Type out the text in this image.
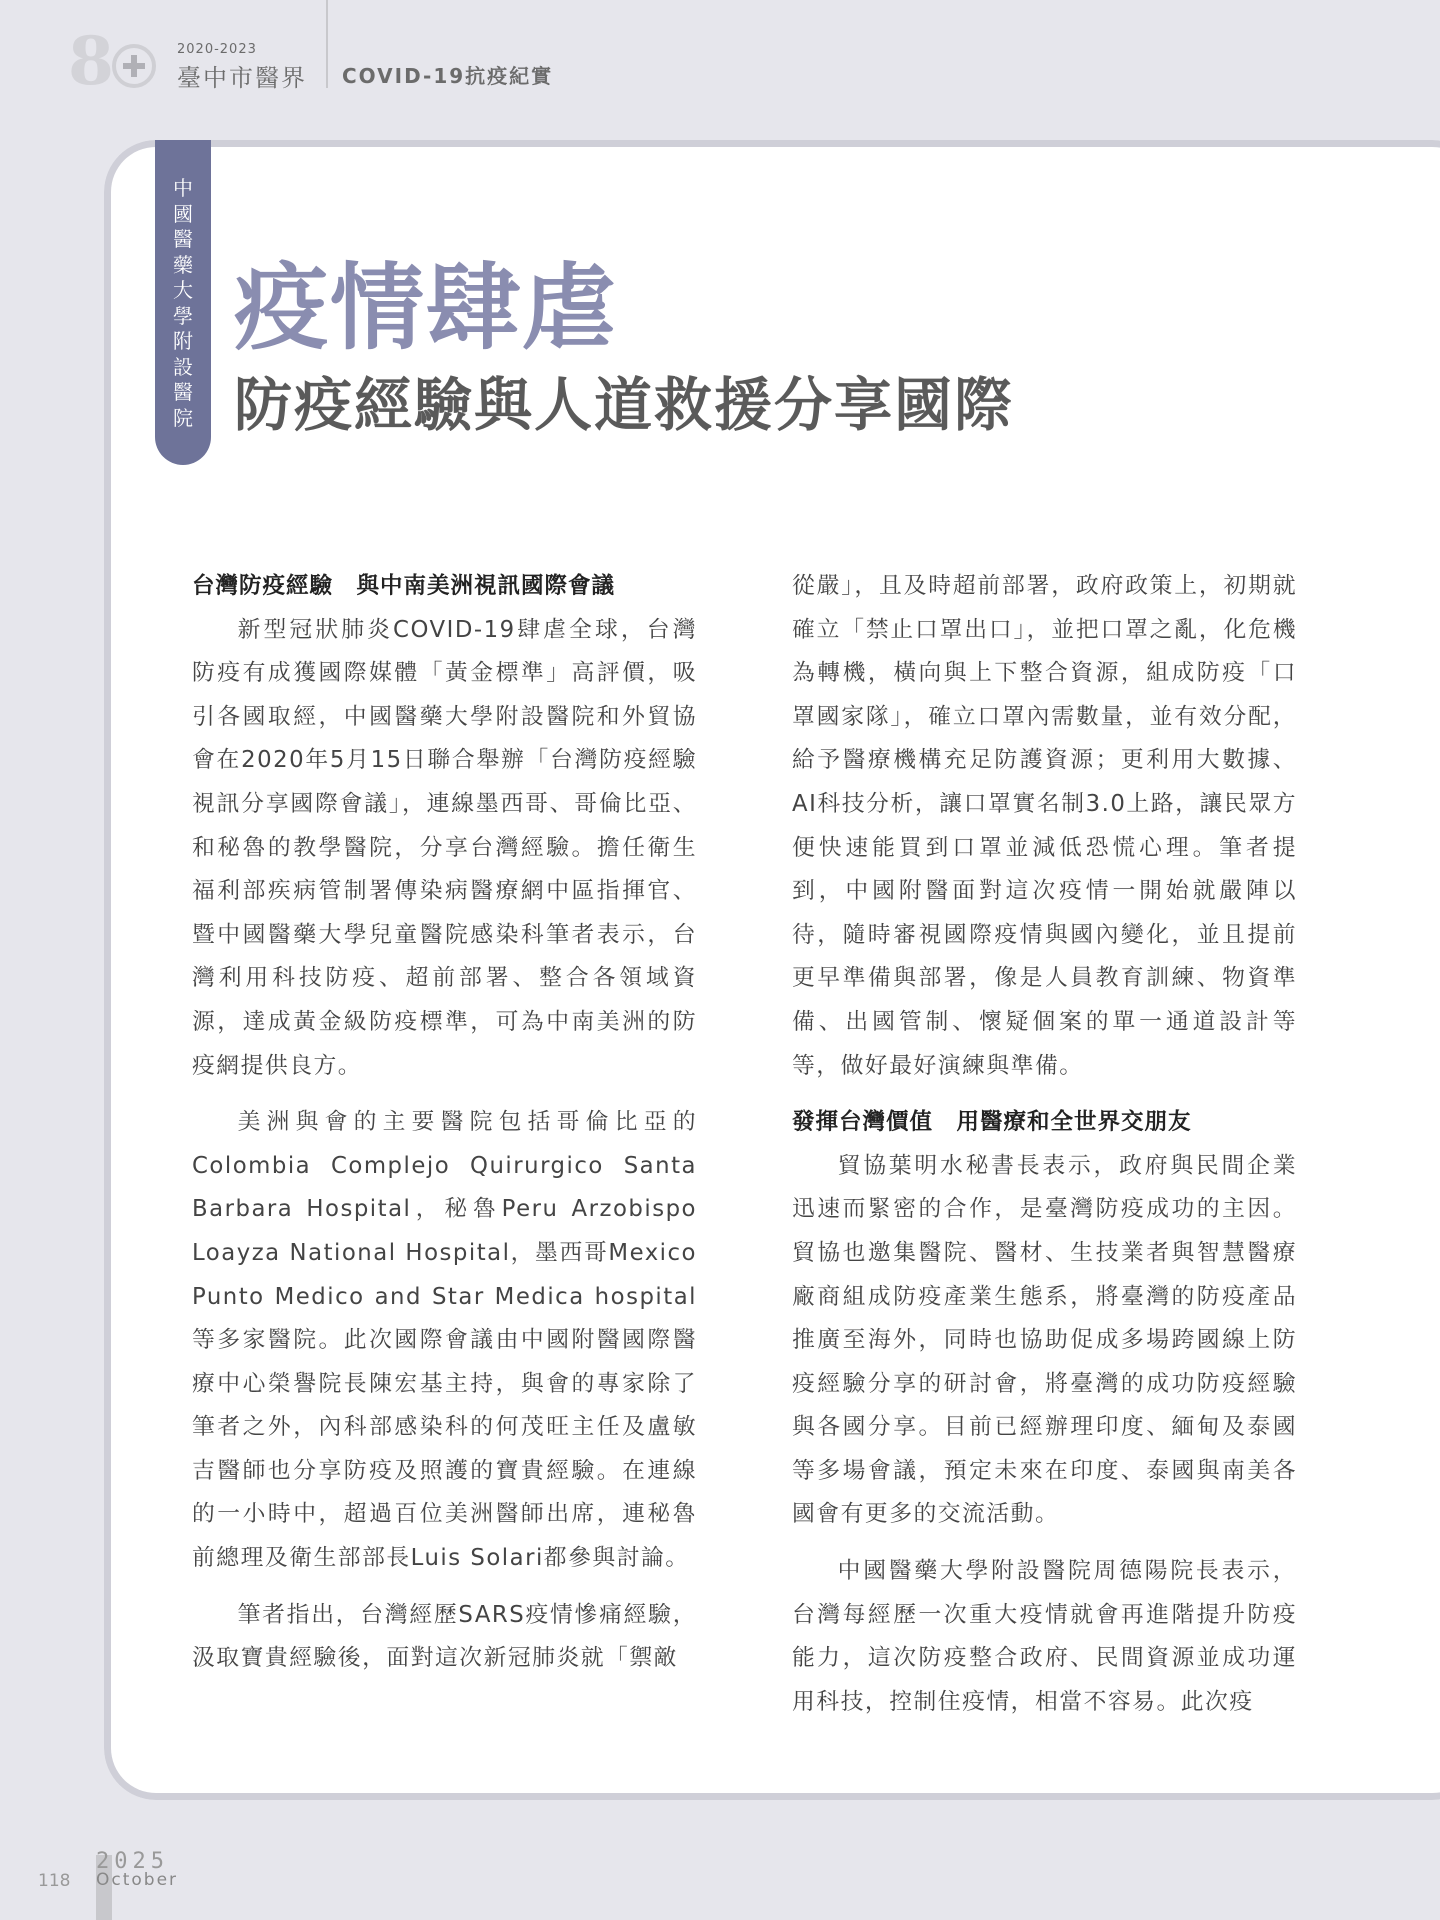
8	2020-2023
臺中市醫界 COVID-19抗疫紀實
中
國
醫
藥
大
學
附
設
醫
院
疫情肆虐
防疫經驗與人道救援分享國際
台灣防疫經驗　與中南美洲視訊國際會議

新型冠狀肺炎COVID-19肆虐全球，台灣防疫有成獲國際媒體「黃金標準」高評價，吸引各國取經，中國醫藥大學附設醫院和外貿協會在2020年5月15日聯合舉辦「台灣防疫經驗視訊分享國際會議」，連線墨西哥、哥倫比亞、和秘魯的教學醫院，分享台灣經驗。擔任衛生福利部疾病管制署傳染病醫療網中區指揮官、暨中國醫藥大學兒童醫院感染科筆者表示，台灣利用科技防疫、超前部署、整合各領域資源，達成黃金級防疫標準，可為中南美洲的防疫網提供良方。

美洲與會的主要醫院包括哥倫比亞的Colombia Complejo Quirurgico Santa Barbara Hospital，秘魯Peru Arzobispo Loayza National Hospital，墨西哥Mexico Punto Medico and Star Medica hospital等多家醫院。此次國際會議由中國附醫國際醫療中心榮譽院長陳宏基主持，與會的專家除了筆者之外，內科部感染科的何茂旺主任及盧敏吉醫師也分享防疫及照護的寶貴經驗。在連線的一小時中，超過百位美洲醫師出席，連秘魯前總理及衛生部部長Luis Solari都參與討論。

筆者指出，台灣經歷SARS疫情慘痛經驗，汲取寶貴經驗後，面對這次新冠肺炎就「禦敵

從嚴」，且及時超前部署，政府政策上，初期就確立「禁止口罩出口」，並把口罩之亂，化危機為轉機，橫向與上下整合資源，組成防疫「口罩國家隊」，確立口罩內需數量，並有效分配，給予醫療機構充足防護資源；更利用大數據、AI科技分析，讓口罩實名制3.0上路，讓民眾方便快速能買到口罩並減低恐慌心理。筆者提到，中國附醫面對這次疫情一開始就嚴陣以待，隨時審視國際疫情與國內變化，並且提前更早準備與部署，像是人員教育訓練、物資準備、出國管制、懷疑個案的單一通道設計等等，做好最好演練與準備。

發揮台灣價值　用醫療和全世界交朋友

貿協葉明水秘書長表示，政府與民間企業迅速而緊密的合作，是臺灣防疫成功的主因。貿協也邀集醫院、醫材、生技業者與智慧醫療廠商組成防疫產業生態系，將臺灣的防疫產品推廣至海外，同時也協助促成多場跨國線上防疫經驗分享的研討會，將臺灣的成功防疫經驗與各國分享。目前已經辦理印度、緬甸及泰國等多場會議，預定未來在印度、泰國與南美各國會有更多的交流活動。

中國醫藥大學附設醫院周德陽院長表示，台灣每經歷一次重大疫情就會再進階提升防疫能力，這次防疫整合政府、民間資源並成功運用科技，控制住疫情，相當不容易。此次疫

118
2025
October
